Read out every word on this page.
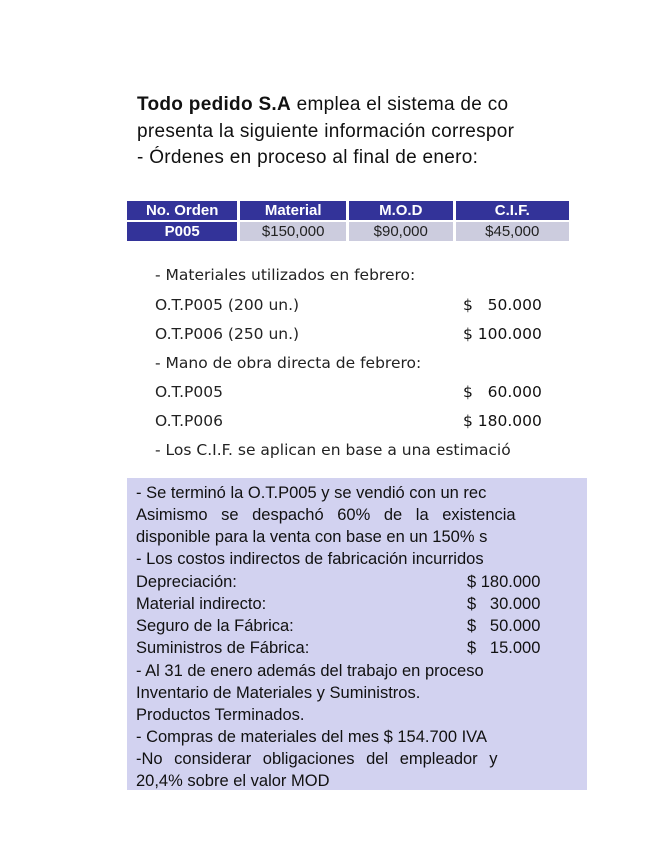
Todo pedido S.A emplea el sistema de co
presenta la siguiente información correspor
- Órdenes en proceso al final de enero:
No. Orden	Material	M.O.D	C.I.F.
P005	$150,000	$90,000	$45,000
- Materiales utilizados en febrero:
O.T.P005 (200 un.)	$   50.000
O.T.P006 (250 un.)	$ 100.000
- Mano de obra directa de febrero:
O.T.P005	$   60.000
O.T.P006	$ 180.000
- Los C.I.F. se aplican en base a una estimació
- Se terminó la O.T.P005 y se vendió con un rec
Asimismo se despachó 60% de la existencia
disponible para la venta con base en un 150% s
- Los costos indirectos de fabricación incurridos
Depreciación:	$ 180.000
Material indirecto:	$   30.000
Seguro de la Fábrica:	$   50.000
Suministros de Fábrica:	$   15.000
- Al 31 de enero además del trabajo en proceso
Inventario de Materiales y Suministros.
Productos Terminados.
- Compras de materiales del mes $ 154.700 IVA
-No considerar obligaciones del empleador y
20,4% sobre el valor MOD
